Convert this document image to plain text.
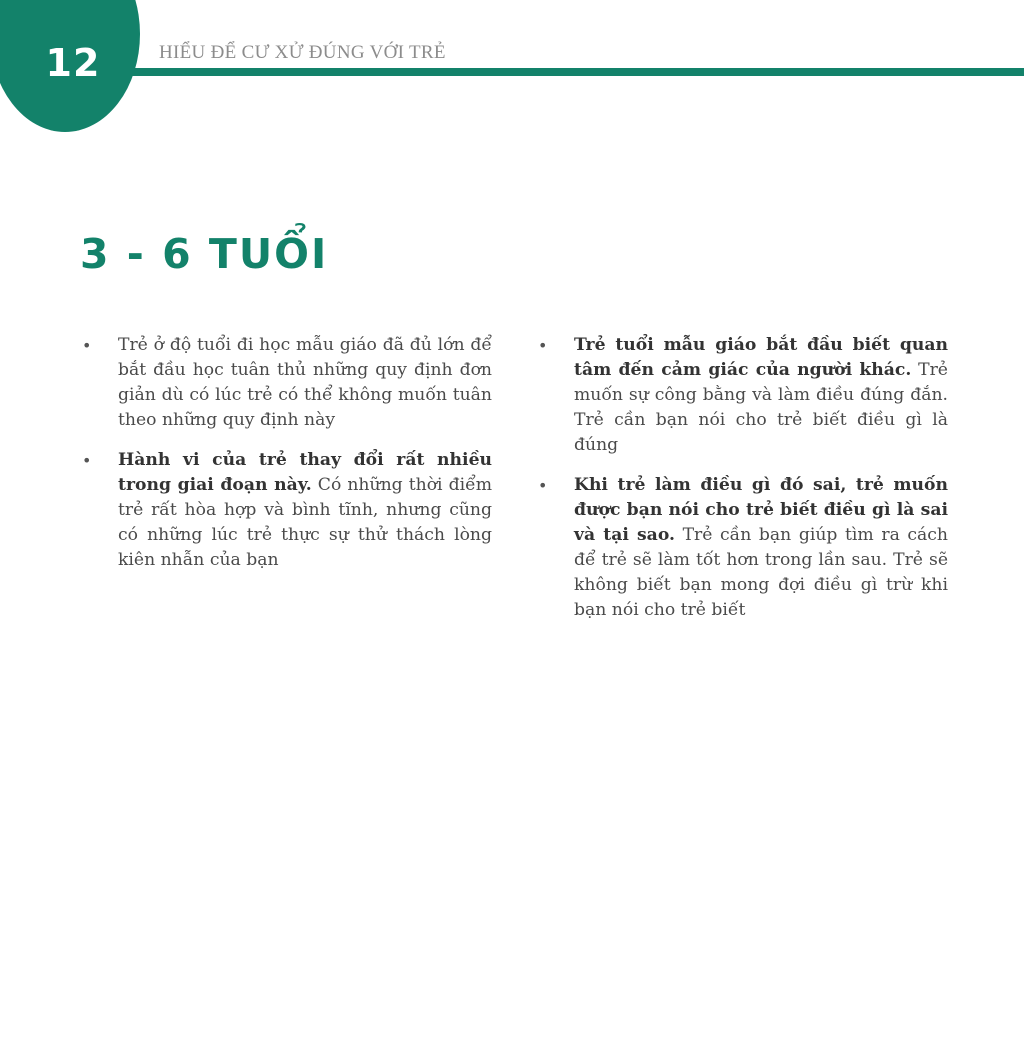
12	HIỂU ĐỂ CƯ XỬ ĐÚNG VỚI TRẺ
3 - 6 TUỔI
• Trẻ ở độ tuổi đi học mẫu giáo đã đủ lớn để bắt đầu học tuân thủ những quy định đơn giản dù có lúc trẻ có thể không muốn tuân theo những quy định này
• Hành vi của trẻ thay đổi rất nhiều trong giai đoạn này. Có những thời điểm trẻ rất hòa hợp và bình tĩnh, nhưng cũng có những lúc trẻ thực sự thử thách lòng kiên nhẫn của bạn
• Trẻ tuổi mẫu giáo bắt đầu biết quan tâm đến cảm giác của người khác. Trẻ muốn sự công bằng và làm điều đúng đắn. Trẻ cần bạn nói cho trẻ biết điều gì là đúng
• Khi trẻ làm điều gì đó sai, trẻ muốn được bạn nói cho trẻ biết điều gì là sai và tại sao. Trẻ cần bạn giúp tìm ra cách để trẻ sẽ làm tốt hơn trong lần sau. Trẻ sẽ không biết bạn mong đợi điều gì trừ khi bạn nói cho trẻ biết
